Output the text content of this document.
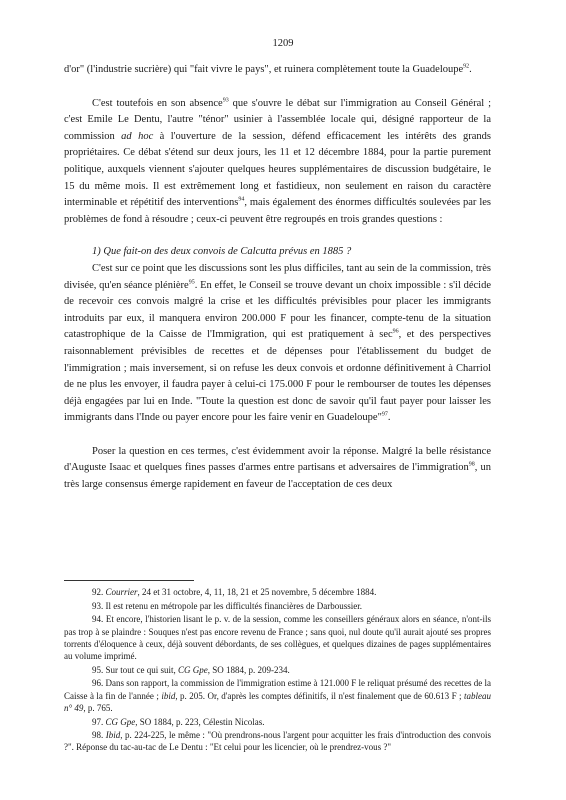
1209

d'or" (l'industrie sucrière) qui "fait vivre le pays", et ruinera complètement toute la Guadeloupe$^{92}$.

C'est toutefois en son absence$^{93}$ que s'ouvre le débat sur l'immigration au Conseil Général ; c'est Emile Le Dentu, l'autre "ténor" usinier à l'assemblée locale qui, désigné rapporteur de la commission ad hoc à l'ouverture de la session, défend efficacement les intérêts des grands propriétaires. Ce débat s'étend sur deux jours, les 11 et 12 décembre 1884, pour la partie purement politique, auxquels viennent s'ajouter quelques heures supplémentaires de discussion budgétaire, le 15 du même mois. Il est extrêmement long et fastidieux, non seulement en raison du caractère interminable et répétitif des interventions$^{94}$, mais également des énormes difficultés soulevées par les problèmes de fond à résoudre ; ceux-ci peuvent être regroupés en trois grandes questions :

1) Que fait-on des deux convois de Calcutta prévus en 1885 ?

C'est sur ce point que les discussions sont les plus difficiles, tant au sein de la commission, très divisée, qu'en séance plénière$^{95}$. En effet, le Conseil se trouve devant un choix impossible : s'il décide de recevoir ces convois malgré la crise et les difficultés prévisibles pour placer les immigrants introduits par eux, il manquera environ 200.000 F pour les financer, compte-tenu de la situation catastrophique de la Caisse de l'Immigration, qui est pratiquement à $\sec^{96}$, et des perspectives raisonnablement prévisibles de recettes et de dépenses pour l'établissement du budget de l'immigration ; mais inversement, si on refuse les deux convois et ordonne définitivement à Charriol de ne plus les envoyer, il faudra payer à celui-ci 175.000 F pour le rembourser de toutes les dépenses déjà engagées par lui en Inde. "Toute la question est donc de savoir qu'il faut payer pour laisser les immigrants dans l'Inde ou payer encore pour les faire venir en Guadeloupe"$^{97}$.

Poser la question en ces termes, c'est évidemment avoir la réponse. Malgré la belle résistance d'Auguste Isaac et quelques fines passes d'armes entre partisans et adversaires de l'immigration$^{98}$, un très large consensus émerge rapidement en faveur de l'acceptation de ces deux

92. Courrier, 24 et 31 octobre, 4, 11, 18, 21 et 25 novembre, 5 décembre 1884.

93. Il est retenu en métropole par les difficultés financières de Darboussier.

94. Et encore, l'historien lisant le p. v. de la session, comme les conseillers généraux alors en séance, n'ont-ils pas trop à se plaindre : Souques n'est pas encore revenu de France ; sans quoi, nul doute qu'il aurait ajouté ses propres torrents d'éloquence à ceux, déjà souvent débordants, de ses collègues, et quelques dizaines de pages supplémentaires au volume imprimé.

95. Sur tout ce qui suit, CG Gpe, SO 1884, p. 209-234.

96. Dans son rapport, la commission de l'immigration estime à 121.000 F le reliquat présumé des recettes de la Caisse à la fin de l'année ; ibid, p. 205. Or, d'après les comptes définitifs, il n'est finalement que de 60.613 F ; tableau n° 49, p. 765.

97. CG Gpe, SO 1884, p. 223, Célestin Nicolas.

98. Ibid, p. 224-225, le même : "Où prendrons-nous l'argent pour acquitter les frais d'introduction des convois ?". Réponse du tac-au-tac de Le Dentu : "Et celui pour les licencier, où le prendrez-vous ?"
